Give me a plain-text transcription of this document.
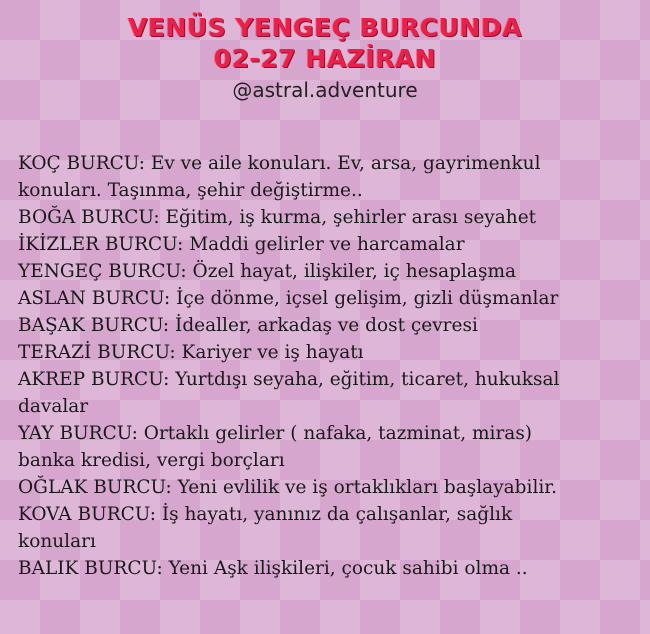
VENÜS YENGEÇ BURCUNDA
02-27 HAZİRAN
@astral.adventure
KOÇ BURCU: Ev ve aile konuları. Ev, arsa, gayrimenkul
konuları. Taşınma, şehir değiştirme..
BOĞA BURCU: Eğitim, iş kurma, şehirler arası seyahet
İKİZLER BURCU: Maddi gelirler ve harcamalar
YENGEÇ BURCU: Özel hayat, ilişkiler, iç hesaplaşma
ASLAN BURCU: İçe dönme, içsel gelişim, gizli düşmanlar
BAŞAK BURCU: İdealler, arkadaş ve dost çevresi
TERAZİ BURCU: Kariyer ve iş hayatı
AKREP BURCU: Yurtdışı seyaha, eğitim, ticaret, hukuksal
davalar
YAY BURCU: Ortaklı gelirler ( nafaka, tazminat, miras)
banka kredisi, vergi borçları
OĞLAK BURCU: Yeni evlilik ve iş ortaklıkları başlayabilir.
KOVA BURCU: İş hayatı, yanınız da çalışanlar, sağlık
konuları
BALIK BURCU: Yeni Aşk ilişkileri, çocuk sahibi olma ..
